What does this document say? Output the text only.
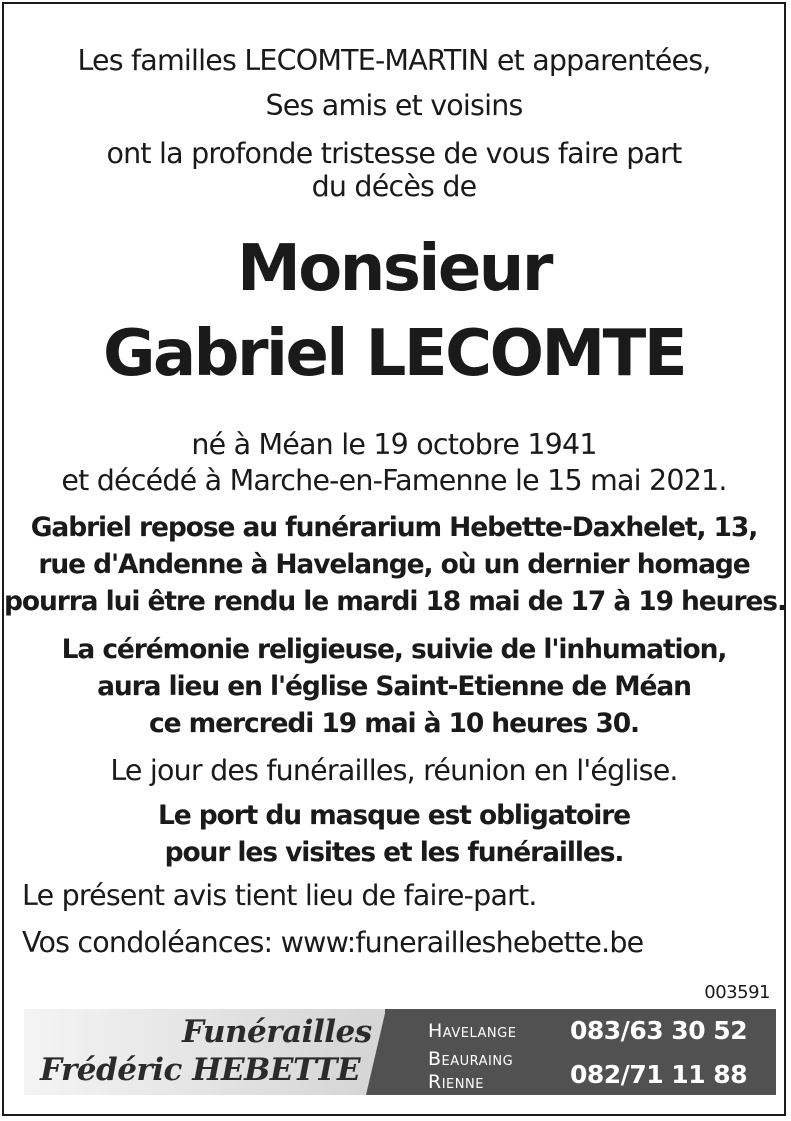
Les familles LECOMTE-MARTIN et apparentées,
Ses amis et voisins
ont la profonde tristesse de vous faire part
du décès de
Monsieur
Gabriel LECOMTE
né à Méan le 19 octobre 1941
et décédé à Marche-en-Famenne le 15 mai 2021.
Gabriel repose au funérarium Hebette-Daxhelet, 13,
rue d'Andenne à Havelange, où un dernier homage
pourra lui être rendu le mardi 18 mai de 17 à 19 heures.
La cérémonie religieuse, suivie de l'inhumation,
aura lieu en l'église Saint-Etienne de Méan
ce mercredi 19 mai à 10 heures 30.
Le jour des funérailles, réunion en l'église.
Le port du masque est obligatoire
pour les visites et les funérailles.
Le présent avis tient lieu de faire-part.
Vos condoléances: www:funerailleshebette.be
003591
Funérailles
Frédéric HEBETTE
Havelange 083/63 30 52
Beauraing
Rienne	082/71 11 88
